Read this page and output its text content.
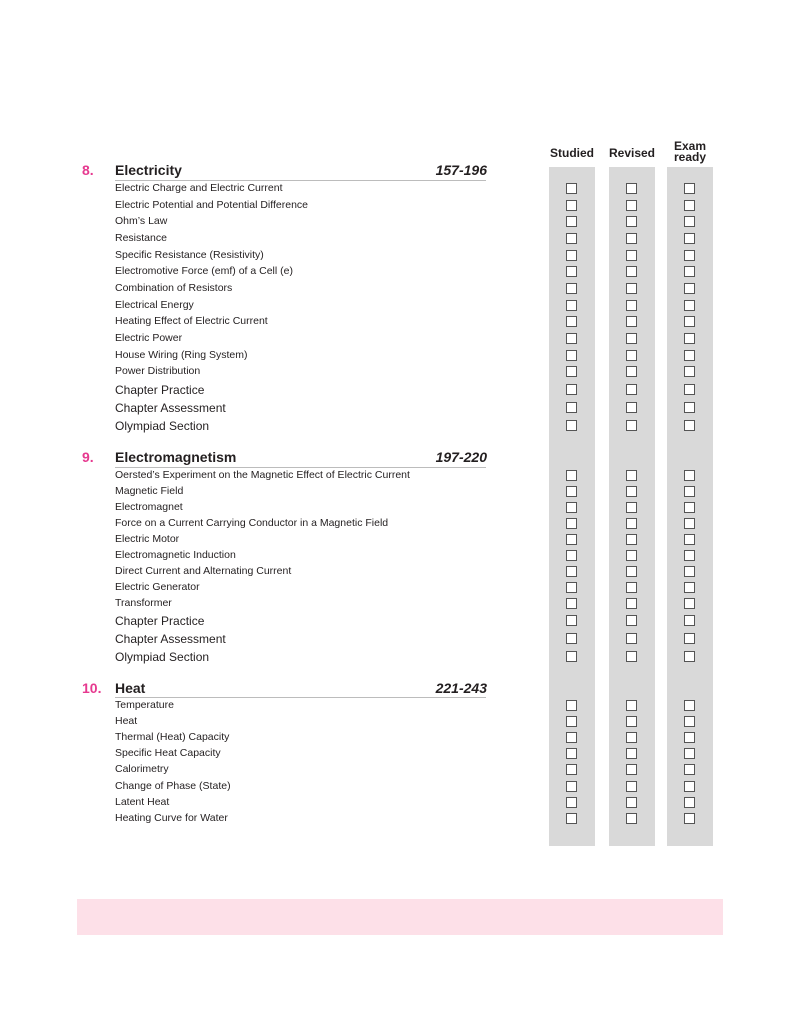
Studied	Revised	Exam
ready
8. Electricity	157-196
Electric Charge and Electric Current
Electric Potential and Potential Difference
Ohm’s Law
Resistance
Specific Resistance (Resistivity)
Electromotive Force (emf) of a Cell (e)
Combination of Resistors
Electrical Energy
Heating Effect of Electric Current
Electric Power
House Wiring (Ring System)
Power Distribution
Chapter Practice
Chapter Assessment
Olympiad Section
9. Electromagnetism	197-220
Oersted’s Experiment on the Magnetic Effect of Electric Current
Magnetic Field
Electromagnet
Force on a Current Carrying Conductor in a Magnetic Field
Electric Motor
Electromagnetic Induction
Direct Current and Alternating Current
Electric Generator
Transformer
Chapter Practice
Chapter Assessment
Olympiad Section
10. Heat	221-243
Temperature
Heat
Thermal (Heat) Capacity
Specific Heat Capacity
Calorimetry
Change of Phase (State)
Latent Heat
Heating Curve for Water
